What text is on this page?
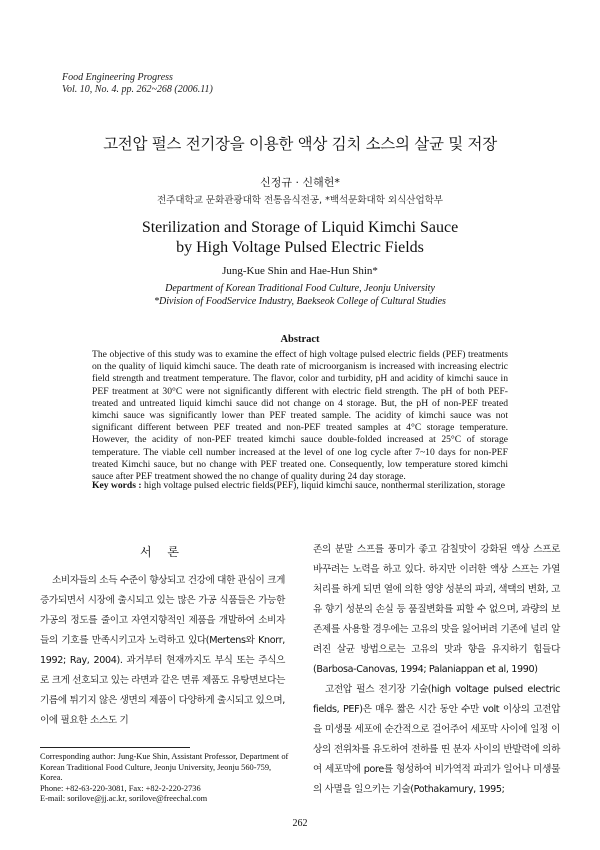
Food Engineering Progress
Vol. 10, No. 4. pp. 262~268 (2006.11)
고전압 펄스 전기장을 이용한 액상 김치 소스의 살균 및 저장
신정규 · 신해헌*
전주대학교 문화관광대학 전통음식전공, *백석문화대학 외식산업학부
Sterilization and Storage of Liquid Kimchi Sauce
by High Voltage Pulsed Electric Fields
Jung-Kue Shin and Hae-Hun Shin*
Department of Korean Traditional Food Culture, Jeonju University
*Division of FoodService Industry, Baekseok College of Cultural Studies
Abstract
The objective of this study was to examine the effect of high voltage pulsed electric fields (PEF) treatments on the quality of liquid kimchi sauce. The death rate of microorganism is increased with increasing electric field strength and treatment temperature. The flavor, color and turbidity, pH and acidity of kimchi sauce in PEF treatment at 30°C were not significantly different with electric field strength. The pH of both PEF-treated and untreated liquid kimchi sauce did not change on 4 storage. But, the pH of non-PEF treated kimchi sauce was significantly lower than PEF treated sample. The acidity of kimchi sauce was not significant different between PEF treated and non-PEF treated samples at 4°C storage temperature. However, the acidity of non-PEF treated kimchi sauce double-folded increased at 25°C of storage temperature. The viable cell number increased at the level of one log cycle after 7~10 days for non-PEF treated Kimchi sauce, but no change with PEF treated one. Consequently, low temperature stored kimchi sauce after PEF treatment showed the no change of quality during 24 day storage.
Key words : high voltage pulsed electric fields(PEF), liquid kimchi sauce, nonthermal sterilization, storage
서 론

소비자들의 소득 수준이 향상되고 건강에 대한 관심이 크게 증가되면서 시장에 출시되고 있는 많은 가공 식품들은 가능한 가공의 정도를 줄이고 자연지향적인 제품을 개발하여 소비자들의 기호를 만족시키고자 노력하고 있다(Mertens와 Knorr, 1992; Ray, 2004). 과거부터 현재까지도 부식 또는 주식으로 크게 선호되고 있는 라면과 같은 면류 제품도 유탕면보다는 기름에 튀기지 않은 생면의 제품이 다양하게 출시되고 있으며, 이에 필요한 소스도 기

존의 분말 스프를 풍미가 좋고 감칠맛이 강화된 액상 스프로 바꾸려는 노력을 하고 있다. 하지만 이러한 액상 스프는 가열처리를 하게 되면 열에 의한 영양 성분의 파괴, 색택의 변화, 고유 향기 성분의 손실 등 품질변화를 피할 수 없으며, 과량의 보존제를 사용할 경우에는 고유의 맛을 잃어버려 기존에 널리 알려진 살균 방법으로는 고유의 맛과 향을 유지하기 힘들다(Barbosa-Canovas, 1994; Palaniappan et al, 1990)

고전압 펄스 전기장 기술(high voltage pulsed electric fields, PEF)은 매우 짧은 시간 동안 수만 volt 이상의 고전압을 미생물 세포에 순간적으로 걸어주어 세포막 사이에 일정 이상의 전위차를 유도하여 전하를 띤 분자 사이의 반발력에 의하여 세포막에 pore를 형성하여 비가역적 파괴가 일어나 미생물의 사멸을 일으키는 기술(Pothakamury, 1995;

Corresponding author: Jung-Kue Shin, Assistant Professor, Department of Korean Traditional Food Culture, Jeonju University, Jeonju 560-759, Korea.
Phone: +82-63-220-3081, Fax: +82-2-220-2736
E-mail: sorilove@jj.ac.kr, sorilove@freechal.com
262
